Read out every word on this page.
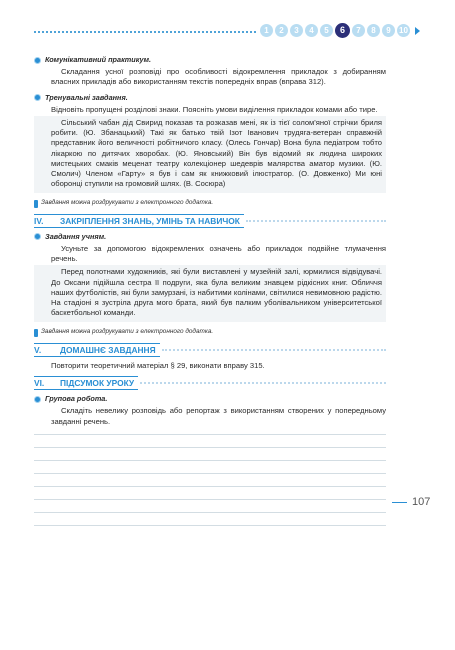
1	2	3	4	5	6	7	8	9	10
Комунікативний практикум.

Складання усної розповіді про особливості відокремлення прикладок з добиранням власних прикладів або використанням текстів попередніх вправ (вправа 312).

Тренувальні завдання.

Відновіть пропущені розділові знаки. Поясніть умови виділення прикладок комами або тире.

Сільський чабан дід Свирид показав та розказав мені, як із тієї солом'яної стрічки бриля робити. (Ю. Збанацький) Такі як батько твій Ізот Іванович трудяга-ветеран справжній представник його величності робітничого класу. (Олесь Гончар) Вона була педіатром тобто лікаркою по дитячих хворобах. (Ю. Яновський) Він був відомий як людина широких мистецьких смаків меценат театру колекціонер шедеврів малярства аматор музики. (Ю. Смолич) Членом «Гарту» я був і сам як книжковий ілюстратор. (О. Довженко) Ми юні оборонці ступили на громовий шлях. (В. Сосюра)

Завдання можна роздрукувати з електронного додатка.
IV.	ЗАКРІПЛЕННЯ ЗНАНЬ, УМІНЬ ТА НАВИЧОК
Завдання учням.

Усуньте за допомогою відокремлених означень або прикладок подвійне тлумачення речень.

Перед полотнами художників, які були виставлені у музейній залі, юрмилися відвідувачі. До Оксани підійшла сестра її подруги, яка була великим знавцем рідкісних книг. Обличчя наших футболістів, які були замурзані, із набитими колінами, світилися невимовною радістю. На стадіоні я зустріла друга мого брата, який був палким уболівальником університетської баскетбольної команди.

Завдання можна роздрукувати з електронного додатка.
V.	ДОМАШНЄ ЗАВДАННЯ

Повторити теоретичний матеріал § 29, виконати вправу 315.

VI.	ПІДСУМОК УРОКУ
Групова робота.

Складіть невелику розповідь або репортаж з використанням створених у попередньому завданні речень.

107
